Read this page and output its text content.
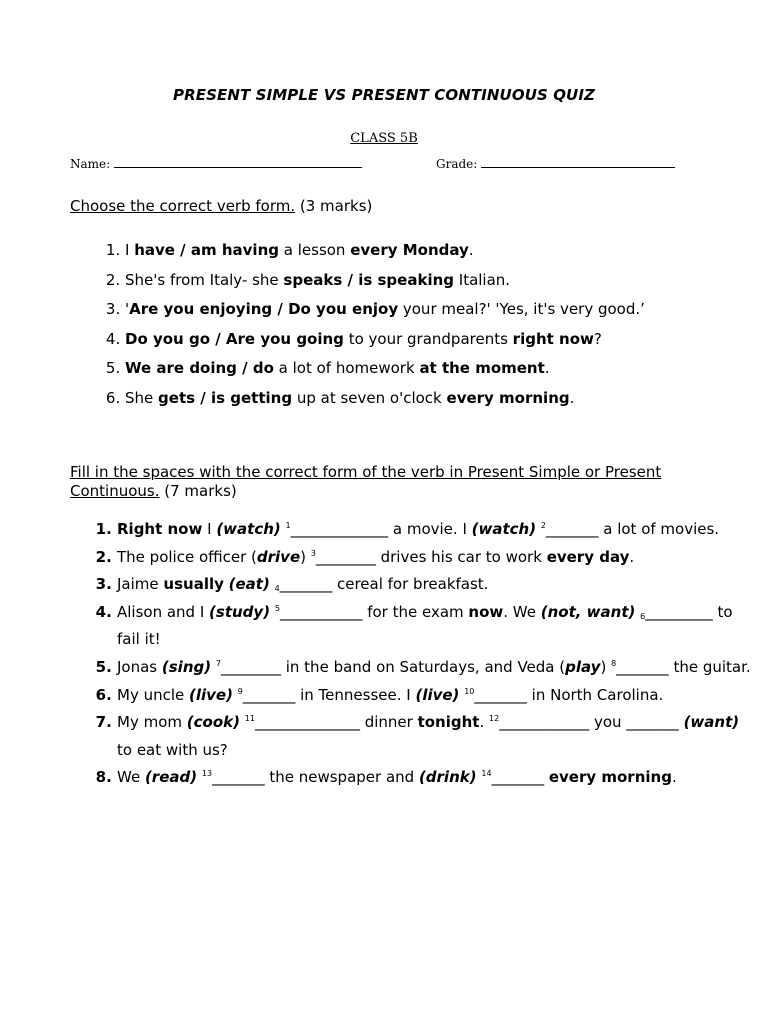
PRESENT SIMPLE VS PRESENT CONTINUOUS QUIZ
CLASS 5B
Name:	Grade:
Choose the correct verb form. (3 marks)
1. I have / am having a lesson every Monday.
2. She's from Italy- she speaks / is speaking Italian.
3. 'Are you enjoying / Do you enjoy your meal?' 'Yes, it's very good.’
4. Do you go / Are you going to your grandparents right now?
5. We are doing / do a lot of homework at the moment.
6. She gets / is getting up at seven o'clock every morning.
Fill in the spaces with the correct form of the verb in Present Simple or Present Continuous. (7 marks)
1. Right now I (watch) $^1$_____________ a movie. I (watch) $^2$_______ a lot of movies.
2. The police officer (drive) $^3$________ drives his car to work every day.
3. Jaime usually (eat) $_4$_______ cereal for breakfast.
4. Alison and I (study) $^5$___________ for the exam now. We (not, want) $_6$_________ to fail it!
5. Jonas (sing) $^7$________ in the band on Saturdays, and Veda (play) $^8$_______ the guitar.
6. My uncle (live) $^9$_______ in Tennessee. I (live) $^{10}$_______ in North Carolina.
7. My mom (cook) $^{11}$______________ dinner tonight. $^{12}$____________ you _______ (want) to eat with us?
8. We (read) $^{13}$_______ the newspaper and (drink) $^{14}$_______ every morning.
